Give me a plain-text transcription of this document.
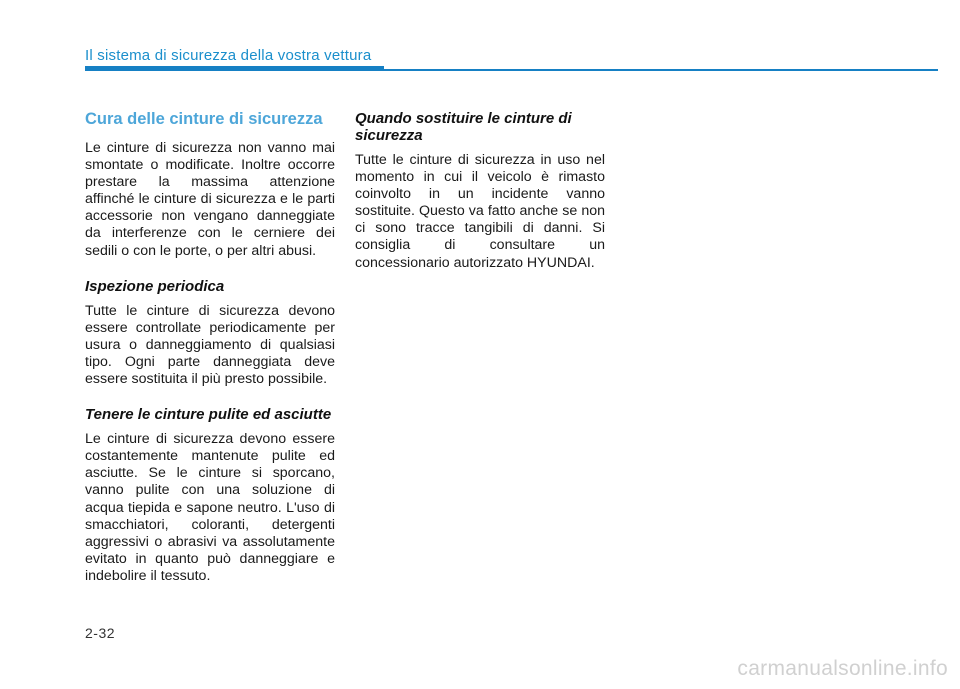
Il sistema di sicurezza della vostra vettura
Cura delle cinture di sicurezza

Le cinture di sicurezza non vanno mai smontate o modificate. Inoltre occorre prestare la massima attenzione affinché le cinture di sicurezza e le parti accessorie non vengano danneggiate da interferenze con le cerniere dei sedili o con le porte, o per altri abusi.

Ispezione periodica

Tutte le cinture di sicurezza devono essere controllate periodicamente per usura o danneggiamento di qualsiasi tipo. Ogni parte danneggiata deve essere sostituita il più presto possibile.

Tenere le cinture pulite ed asciutte

Le cinture di sicurezza devono essere costantemente mantenute pulite ed asciutte. Se le cinture si sporcano, vanno pulite con una soluzione di acqua tiepida e sapone neutro. L'uso di smacchiatori, coloranti, detergenti aggressivi o abrasivi va assolutamente evitato in quanto può danneggiare e indebolire il tessuto.

Quando sostituire le cinture di sicurezza

Tutte le cinture di sicurezza in uso nel momento in cui il veicolo è rimasto coinvolto in un incidente vanno sostituite. Questo va fatto anche se non ci sono tracce tangibili di danni. Si consiglia di consultare un concessionario autorizzato HYUNDAI.

2-32
carmanualsonline.info
